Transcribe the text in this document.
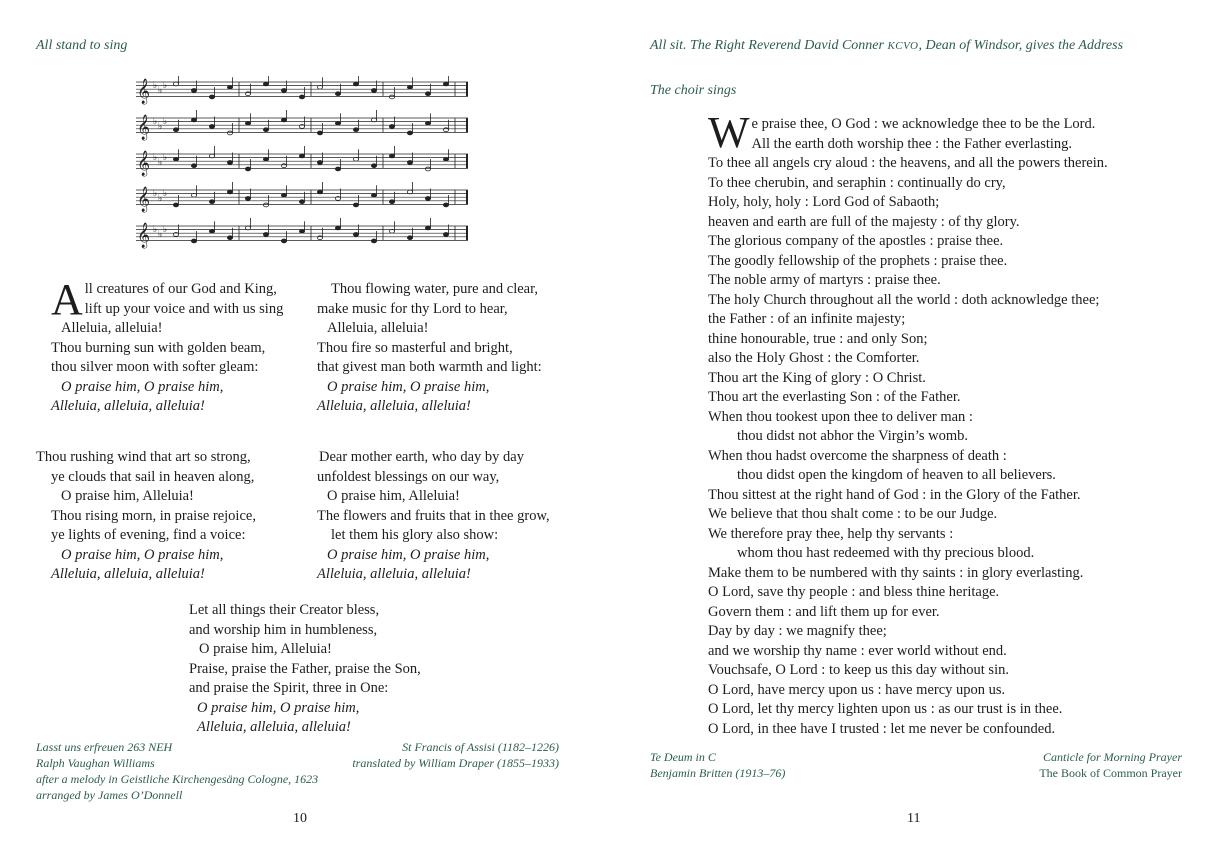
All stand to sing
𝄞 ♭ ♭ ♭
𝄞 ♭ ♭ ♭
𝄞 ♭ ♭ ♭
𝄞 ♭ ♭ ♭
𝄞 ♭ ♭ ♭
A ll creatures of our God and King,
lift up your voice and with us sing
Alleluia, alleluia!
Thou burning sun with golden beam,
thou silver moon with softer gleam:
O praise him, O praise him,
Alleluia, alleluia, alleluia!
Thou flowing water, pure and clear,
make music for thy Lord to hear,
Alleluia, alleluia!
Thou fire so masterful and bright,
that givest man both warmth and light:
O praise him, O praise him,
Alleluia, alleluia, alleluia!
Thou rushing wind that art so strong,
ye clouds that sail in heaven along,
O praise him, Alleluia!
Thou rising morn, in praise rejoice,
ye lights of evening, find a voice:
O praise him, O praise him,
Alleluia, alleluia, alleluia!
Dear mother earth, who day by day
unfoldest blessings on our way,
O praise him, Alleluia!
The flowers and fruits that in thee grow,
let them his glory also show:
O praise him, O praise him,
Alleluia, alleluia, alleluia!
Let all things their Creator bless,
and worship him in humbleness,
O praise him, Alleluia!
Praise, praise the Father, praise the Son,
and praise the Spirit, three in One:
O praise him, O praise him,
Alleluia, alleluia, alleluia!
Lasst uns erfreuen 263 NEH
Ralph Vaughan Williams
after a melody in Geistliche Kirchengesäng Cologne, 1623
arranged by James O’Donnell
St Francis of Assisi (1182–1226)
translated by William Draper (1855–1933)
10
All sit. The Right Reverend David Conner KCVO, Dean of Windsor, gives the Address
The choir sings
W e praise thee, O God : we acknowledge thee to be the Lord.
All the earth doth worship thee : the Father everlasting.
To thee all angels cry aloud : the heavens, and all the powers therein.
To thee cherubin, and seraphin : continually do cry,
Holy, holy, holy : Lord God of Sabaoth;
heaven and earth are full of the majesty : of thy glory.
The glorious company of the apostles : praise thee.
The goodly fellowship of the prophets : praise thee.
The noble army of martyrs : praise thee.
The holy Church throughout all the world : doth acknowledge thee;
the Father : of an infinite majesty;
thine honourable, true : and only Son;
also the Holy Ghost : the Comforter.
Thou art the King of glory : O Christ.
Thou art the everlasting Son : of the Father.
When thou tookest upon thee to deliver man :
thou didst not abhor the Virgin’s womb.
When thou hadst overcome the sharpness of death :
thou didst open the kingdom of heaven to all believers.
Thou sittest at the right hand of God : in the Glory of the Father.
We believe that thou shalt come : to be our Judge.
We therefore pray thee, help thy servants :
whom thou hast redeemed with thy precious blood.
Make them to be numbered with thy saints : in glory everlasting.
O Lord, save thy people : and bless thine heritage.
Govern them : and lift them up for ever.
Day by day : we magnify thee;
and we worship thy name : ever world without end.
Vouchsafe, O Lord : to keep us this day without sin.
O Lord, have mercy upon us : have mercy upon us.
O Lord, let thy mercy lighten upon us : as our trust is in thee.
O Lord, in thee have I trusted : let me never be confounded.
Te Deum in C
Benjamin Britten (1913–76)
Canticle for Morning Prayer
The Book of Common Prayer
11
